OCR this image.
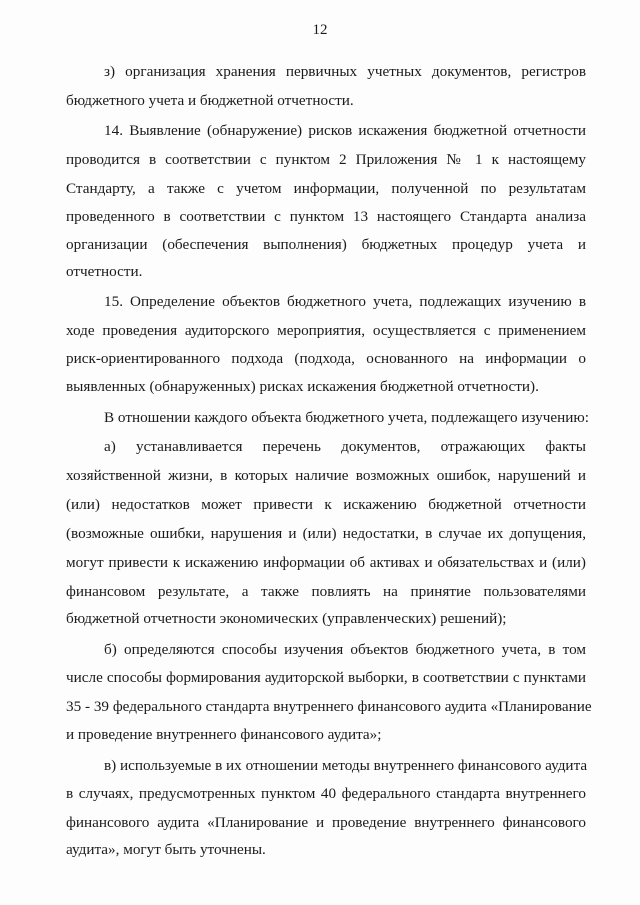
12
з) организация хранения первичных учетных документов, регистров
бюджетного учета и бюджетной отчетности.
14. Выявление (обнаружение) рисков искажения бюджетной отчетности
проводится в соответствии с пунктом 2 Приложения № 1 к настоящему
Стандарту, а также с учетом информации, полученной по результатам
проведенного в соответствии с пунктом 13 настоящего Стандарта анализа
организации (обеспечения выполнения) бюджетных процедур учета и
отчетности.
15. Определение объектов бюджетного учета, подлежащих изучению в
ходе проведения аудиторского мероприятия, осуществляется с применением
риск-ориентированного подхода (подхода, основанного на информации о
выявленных (обнаруженных) рисках искажения бюджетной отчетности).
В отношении каждого объекта бюджетного учета, подлежащего изучению:
а) устанавливается перечень документов, отражающих факты
хозяйственной жизни, в которых наличие возможных ошибок, нарушений и
(или) недостатков может привести к искажению бюджетной отчетности
(возможные ошибки, нарушения и (или) недостатки, в случае их допущения,
могут привести к искажению информации об активах и обязательствах и (или)
финансовом результате, а также повлиять на принятие пользователями
бюджетной отчетности экономических (управленческих) решений);
б) определяются способы изучения объектов бюджетного учета, в том
числе способы формирования аудиторской выборки, в соответствии с пунктами
35 - 39 федерального стандарта внутреннего финансового аудита «Планирование
и проведение внутреннего финансового аудита»;
в) используемые в их отношении методы внутреннего финансового аудита
в случаях, предусмотренных пунктом 40 федерального стандарта внутреннего
финансового аудита «Планирование и проведение внутреннего финансового
аудита», могут быть уточнены.
